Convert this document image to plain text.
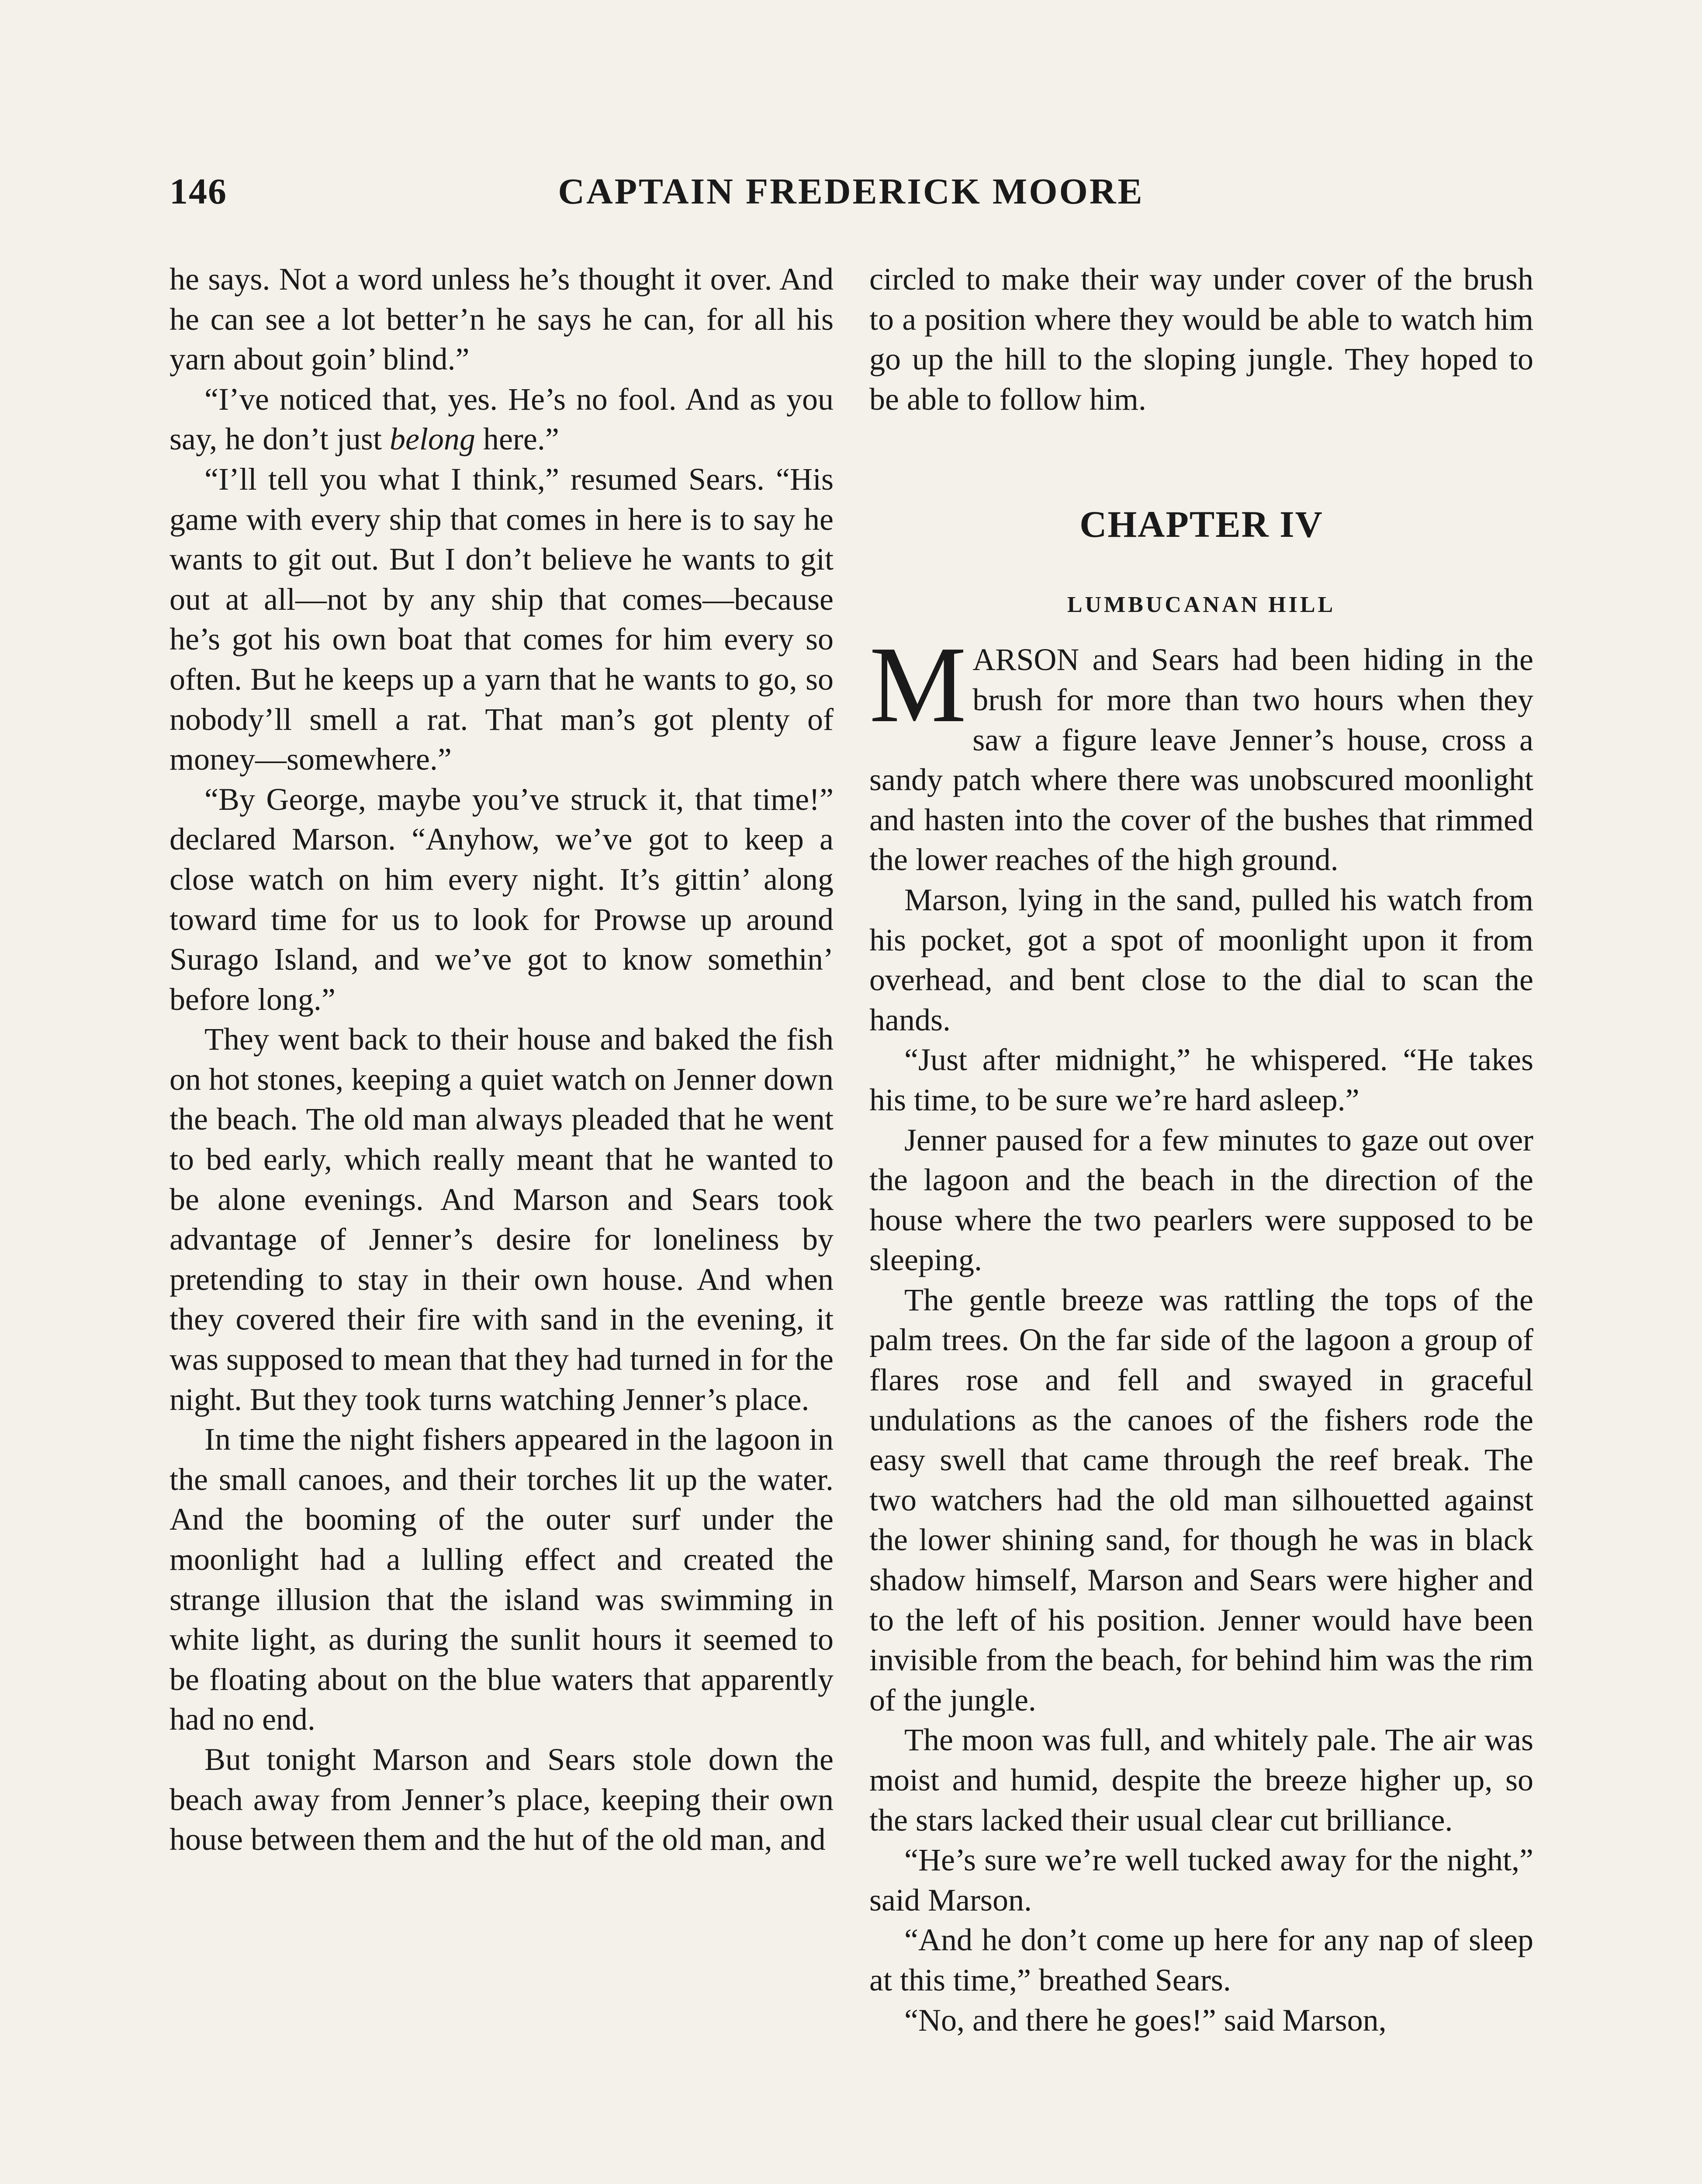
146	CAPTAIN FREDERICK MOORE

he says. Not a word unless he’s thought it over. And he can see a lot better’n he says he can, for all his yarn about goin’ blind.”

“I’ve noticed that, yes. He’s no fool. And as you say, he don’t just belong here.”

“I’ll tell you what I think,” resumed Sears. “His game with every ship that comes in here is to say he wants to git out. But I don’t believe he wants to git out at all—not by any ship that comes—because he’s got his own boat that comes for him every so often. But he keeps up a yarn that he wants to go, so nobody’ll smell a rat. That man’s got plenty of money—somewhere.”

“By George, maybe you’ve struck it, that time!” declared Marson. “Anyhow, we’ve got to keep a close watch on him every night. It’s gittin’ along toward time for us to look for Prowse up around Surago Island, and we’ve got to know somethin’ before long.”

They went back to their house and baked the fish on hot stones, keeping a quiet watch on Jenner down the beach. The old man always pleaded that he went to bed early, which really meant that he wanted to be alone evenings. And Marson and Sears took advantage of Jenner’s desire for loneliness by pretending to stay in their own house. And when they covered their fire with sand in the evening, it was supposed to mean that they had turned in for the night. But they took turns watching Jenner’s place.

In time the night fishers appeared in the lagoon in the small canoes, and their torches lit up the water. And the booming of the outer surf under the moonlight had a lulling effect and created the strange illusion that the island was swimming in white light, as during the sunlit hours it seemed to be floating about on the blue waters that apparently had no end.

But tonight Marson and Sears stole down the beach away from Jenner’s place, keeping their own house between them and the hut of the old man, and

circled to make their way under cover of the brush to a position where they would be able to watch him go up the hill to the sloping jungle. They hoped to be able to follow him.

CHAPTER IV
LUMBUCANAN HILL

MARSON and Sears had been hiding in the brush for more than two hours when they saw a figure leave Jenner’s house, cross a sandy patch where there was unobscured moonlight and hasten into the cover of the bushes that rimmed the lower reaches of the high ground.

Marson, lying in the sand, pulled his watch from his pocket, got a spot of moonlight upon it from overhead, and bent close to the dial to scan the hands.

“Just after midnight,” he whispered. “He takes his time, to be sure we’re hard asleep.”

Jenner paused for a few minutes to gaze out over the lagoon and the beach in the direction of the house where the two pearlers were supposed to be sleeping.

The gentle breeze was rattling the tops of the palm trees. On the far side of the lagoon a group of flares rose and fell and swayed in graceful undulations as the canoes of the fishers rode the easy swell that came through the reef break. The two watchers had the old man silhouetted against the lower shining sand, for though he was in black shadow himself, Marson and Sears were higher and to the left of his position. Jenner would have been invisible from the beach, for behind him was the rim of the jungle.

The moon was full, and whitely pale. The air was moist and humid, despite the breeze higher up, so the stars lacked their usual clear cut brilliance.

“He’s sure we’re well tucked away for the night,” said Marson.

“And he don’t come up here for any nap of sleep at this time,” breathed Sears.

“No, and there he goes!” said Marson,
